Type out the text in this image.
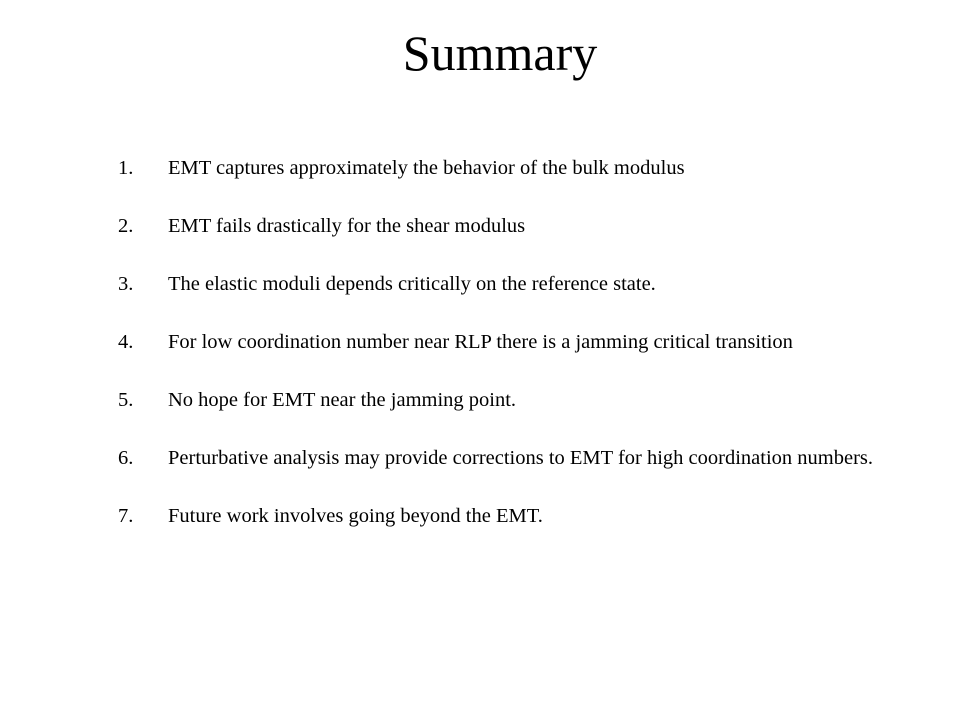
Summary
1. EMT captures approximately the behavior of the bulk modulus
2. EMT fails drastically for the shear modulus
3. The elastic moduli depends critically on the reference state.
4. For low coordination number near RLP there is a jamming critical transition
5. No hope for EMT near the jamming point.
6. Perturbative analysis may provide corrections to EMT for high coordination numbers.
7. Future work involves going beyond the EMT.
